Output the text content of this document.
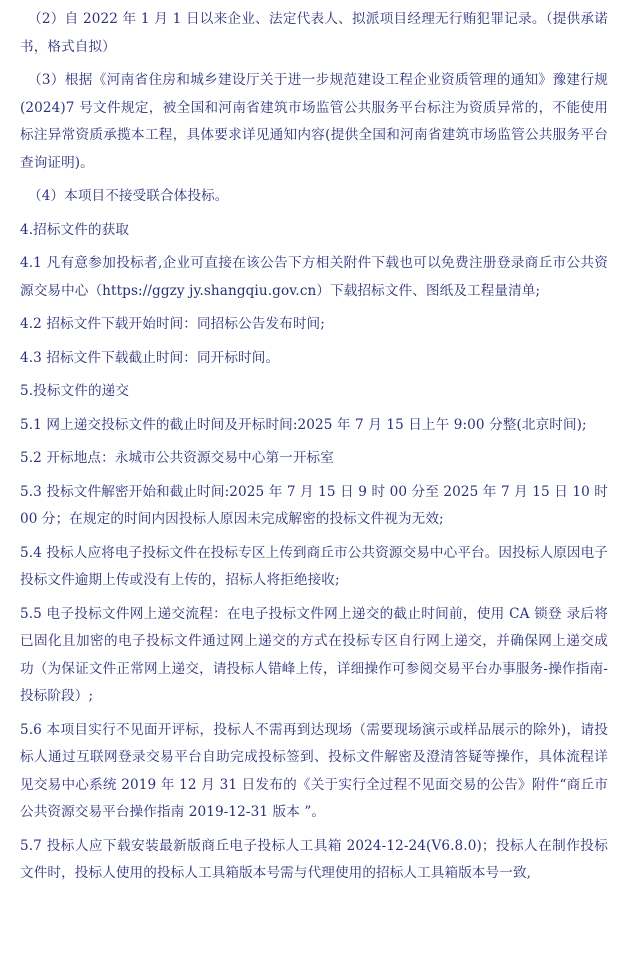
（2）自 2022 年 1 月 1 日以来企业、法定代表人、拟派项目经理无行贿犯罪记录。（提供承诺书，格式自拟）

（3）根据《河南省住房和城乡建设厅关于进一步规范建设工程企业资质管理的通知》豫建行规(2024)7 号文件规定，被全国和河南省建筑市场监管公共服务平台标注为资质异常的，不能使用标注异常资质承揽本工程，具体要求详见通知内容(提供全国和河南省建筑市场监管公共服务平台查询证明)。

（4）本项目不接受联合体投标。

4.招标文件的获取

4.1 凡有意参加投标者,企业可直接在该公告下方相关附件下载也可以免费注册登录商丘市公共资源交易中心（https://ggzy jy.shangqiu.gov.cn）下载招标文件、图纸及工程量清单;

4.2 招标文件下载开始时间：同招标公告发布时间;

4.3 招标文件下载截止时间：同开标时间。

5.投标文件的递交

5.1 网上递交投标文件的截止时间及开标时间:2025 年 7 月 15 日上午 9:00 分整(北京时间);

5.2 开标地点：永城市公共资源交易中心第一开标室

5.3 投标文件解密开始和截止时间:2025 年 7 月 15 日 9 时 00 分至 2025 年 7 月 15 日 10 时 00 分；在规定的时间内因投标人原因未完成解密的投标文件视为无效;

5.4 投标人应将电子投标文件在投标专区上传到商丘市公共资源交易中心平台。因投标人原因电子投标文件逾期上传或没有上传的，招标人将拒绝接收;

5.5 电子投标文件网上递交流程：在电子投标文件网上递交的截止时间前，使用 CA 锁登 录后将已固化且加密的电子投标文件通过网上递交的方式在投标专区自行网上递交，并确保网上递交成功（为保证文件正常网上递交，请投标人错峰上传，详细操作可参阅交易平台办事服务-操作指南-投标阶段）;

5.6 本项目实行不见面开评标，投标人不需再到达现场（需要现场演示或样品展示的除外)，请投标人通过互联网登录交易平台自助完成投标签到、投标文件解密及澄清答疑等操作，具体流程详见交易中心系统 2019 年 12 月 31 日发布的《关于实行全过程不见面交易的公告》附件“商丘市公共资源交易平台操作指南 2019-12-31 版本 ”。

5.7 投标人应下载安装最新版商丘电子投标人工具箱 2024-12-24(V6.8.0)；投标人在制作投标文件时，投标人使用的投标人工具箱版本号需与代理使用的招标人工具箱版本号一致,
